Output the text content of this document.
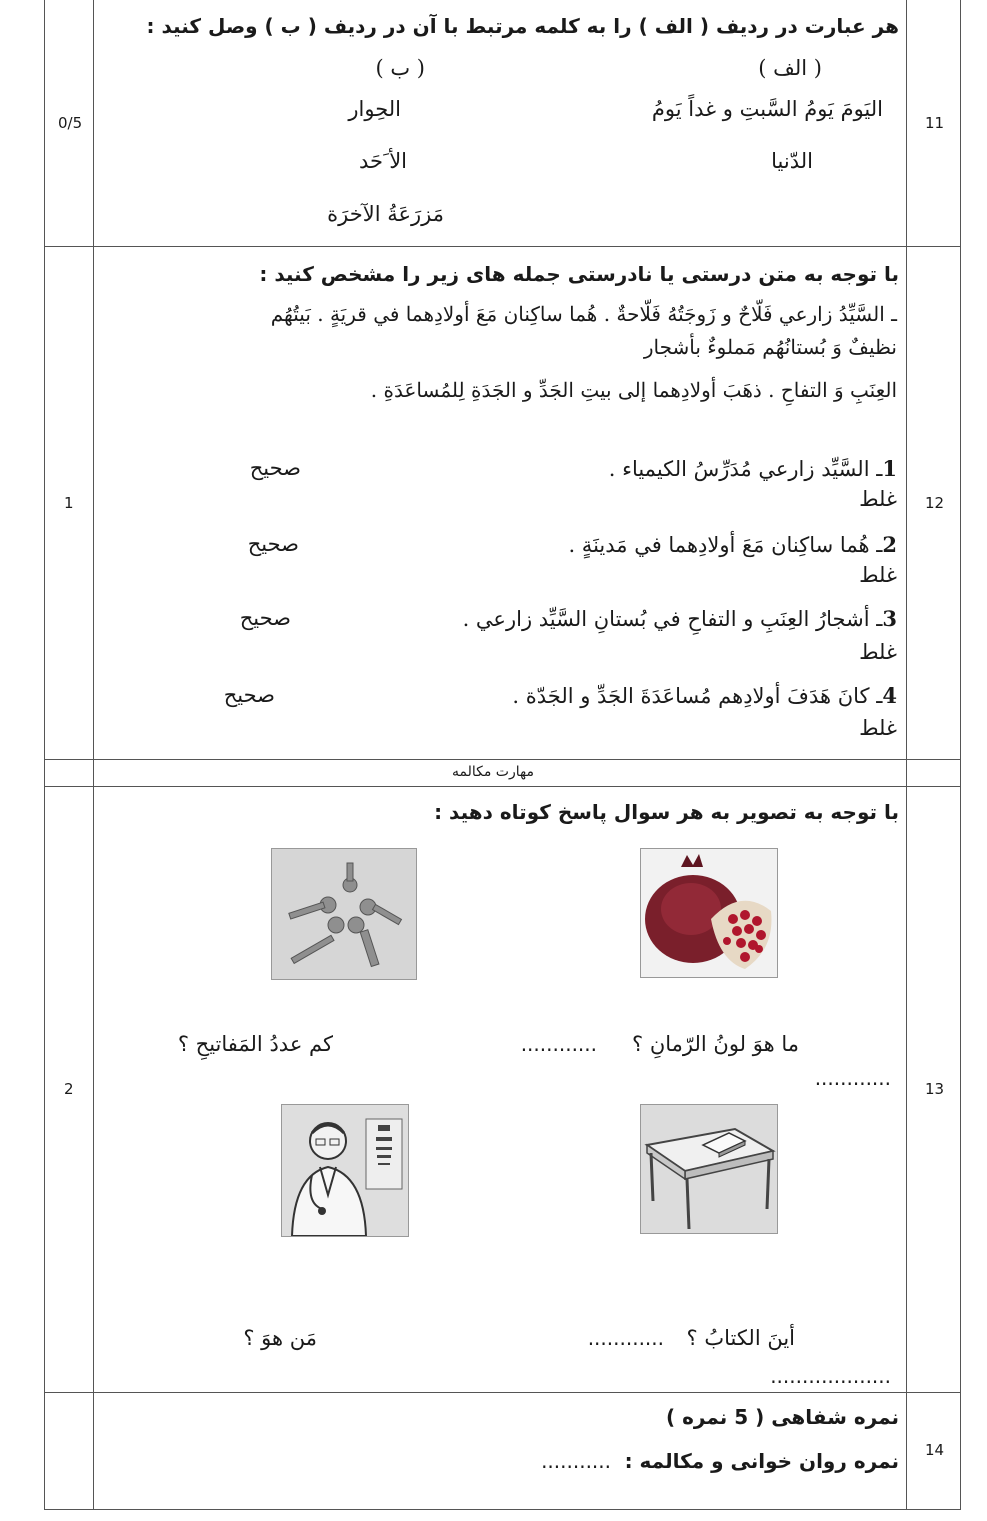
11
0/5
هر عبارت در ردیف ( الف ) را به کلمه مرتبط با آن در ردیف ( ب ) وصل کنید :
( الف )
( ب )
اليَومَ يَومُ السَّبتِ و غداً يَومُ
الدّنيا
الحِوار
الأ َحَد
مَزرَعَةُ الآخرَة
12
1
با توجه به متن درستی یا نادرستی جمله های زیر را مشخص کنید :
ـ السَّيِّدُ زارعي فَلّاحٌ و زَوجَتُهُ فَلّاحةٌ . هُما ساكِنان مَعَ أولادِهما في قريَةٍ . بَيتُهُم
نظيفٌ وَ بُستانُهُم مَملوءٌ بأشجار
العِنَبِ وَ التفاحِ . ذهَبَ أولادِهما إلى بيتِ الجَدِّ و الجَدَةِ لِلمُساعَدَةِ .
1ـ السَّيِّد زارعي مُدَرِّسُ الكيمياء .
صحيح
غلط
2ـ هُما ساكِنان مَعَ أولادِهما في مَدينَةٍ .
صحيح
غلط
3ـ أشجارُ العِنَبِ و التفاحِ في بُستانِ السَّيِّد زارعي .
صحيح
غلط
4ـ كانَ هَدَفَ أولادِهم مُساعَدَةَ الجَدِّ و الجَدّة .
صحيح
غلط
مهارت مکالمه
13
2
با توجه به تصویر به هر سوال پاسخ کوتاه دهید :
ما هوَ لونُ الرّمانِ ؟
............
............
كم عددُ المَفاتيحِ ؟
أينَ الكتابُ ؟
............
...................
مَن هوَ ؟
14
نمره شفاهی ( 5 نمره )
نمره روان خوانی و مکالمه :
...........
